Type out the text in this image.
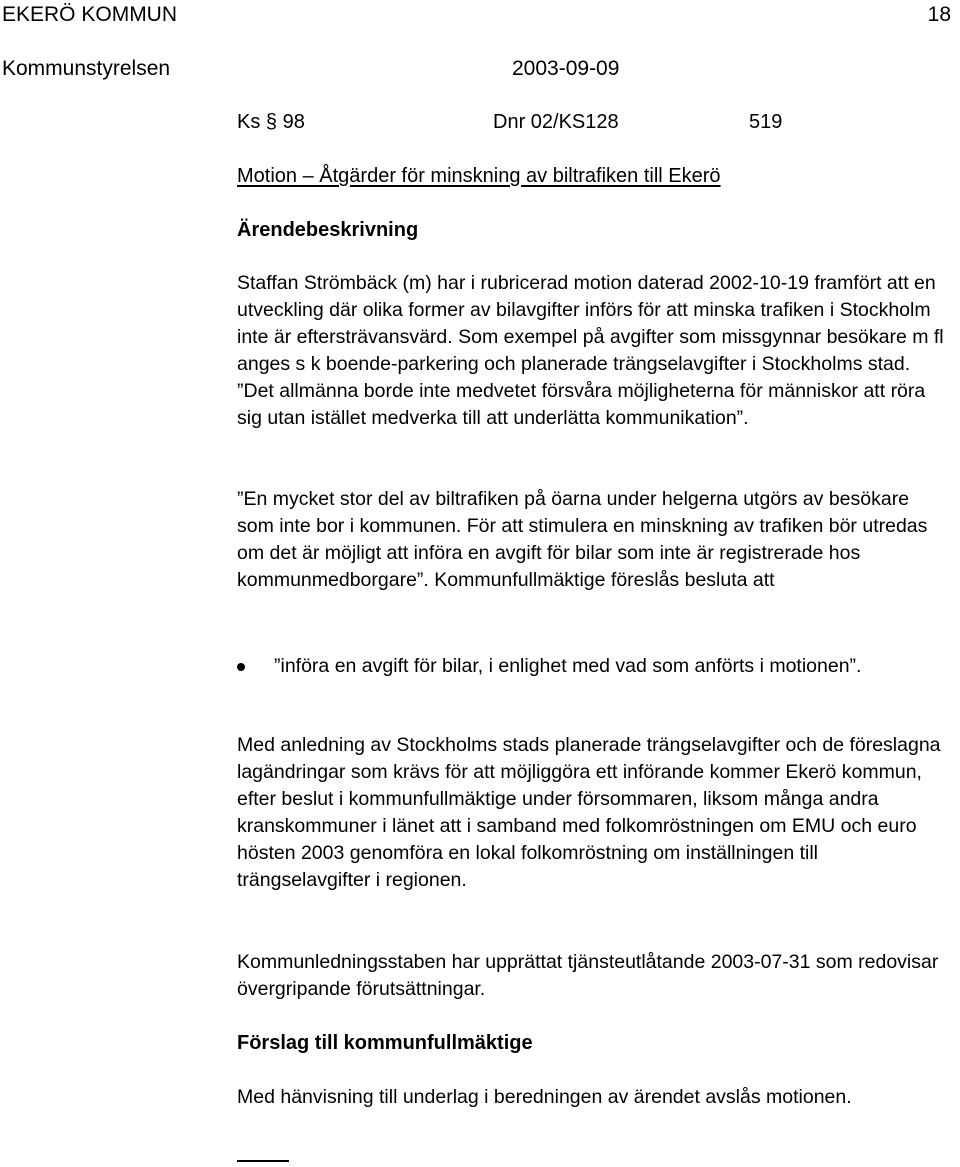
EKERÖ KOMMUN	18
Kommunstyrelsen	2003-09-09
Ks § 98	Dnr 02/KS128	519
Motion – Åtgärder för minskning av biltrafiken till Ekerö
Ärendebeskrivning
Staffan Strömbäck (m) har i rubricerad motion daterad 2002-10-19 framfört att en utveckling där olika former av bilavgifter införs för att minska trafiken i Stockholm inte är eftersträvansvärd. Som exempel på avgifter som missgynnar besökare m fl anges s k boende-parkering och planerade trängselavgifter i Stockholms stad. ”Det allmänna borde inte medvetet försvåra möjligheterna för människor att röra sig utan istället medverka till att underlätta kommunikation”.
”En mycket stor del av biltrafiken på öarna under helgerna utgörs av besökare som inte bor i kommunen. För att stimulera en minskning av trafiken bör utredas om det är möjligt att införa en avgift för bilar som inte är registrerade hos kommunmedborgare”. Kommunfullmäktige föreslås besluta att
”införa en avgift för bilar, i enlighet med vad som anförts i motionen”.
Med anledning av Stockholms stads planerade trängselavgifter och de föreslagna lagändringar som krävs för att möjliggöra ett införande kommer Ekerö kommun, efter beslut i kommunfullmäktige under försommaren, liksom många andra kranskommuner i länet att i samband med folkomröstningen om EMU och euro hösten 2003 genomföra en lokal folkomröstning om inställningen till trängselavgifter i regionen.
Kommunledningsstaben har upprättat tjänsteutlåtande 2003-07-31 som redovisar övergripande förutsättningar.
Förslag till kommunfullmäktige
Med hänvisning till underlag i beredningen av ärendet avslås motionen.
